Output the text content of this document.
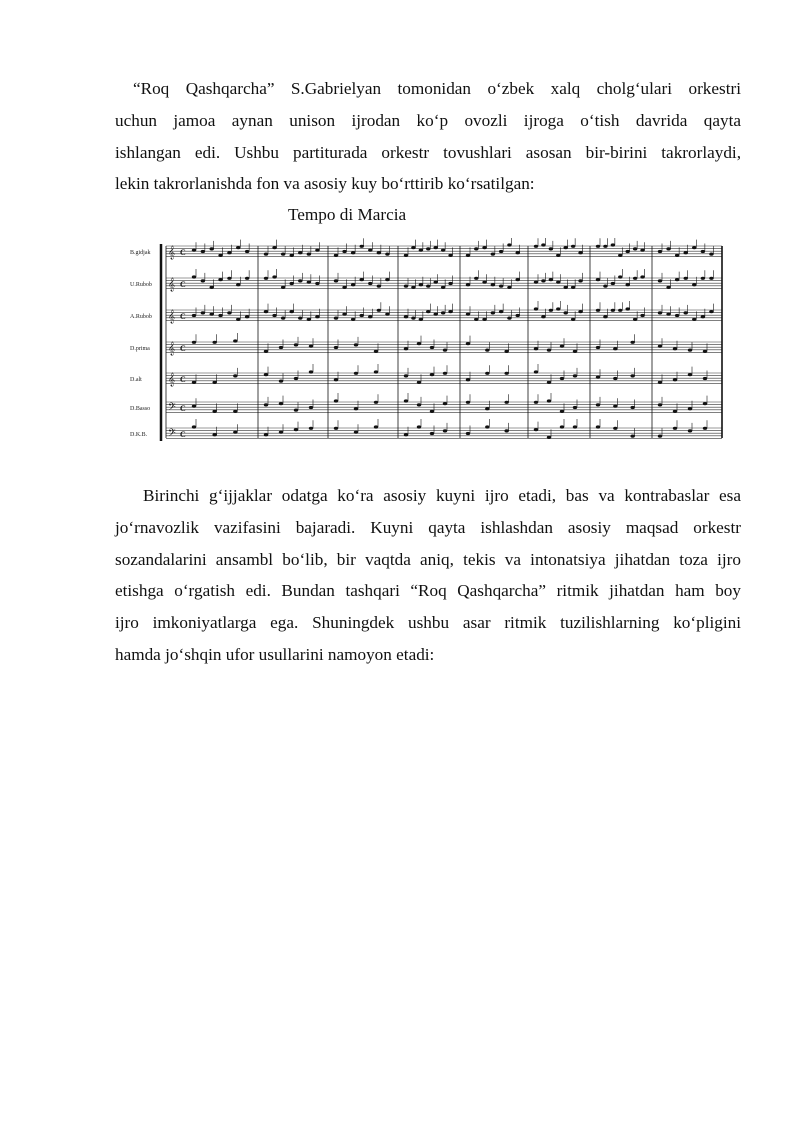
“Roq Qashqarcha” S.Gabrielyan tomonidan o‘zbek xalq cholg‘ulari orkestri
uchun jamoa aynan unison ijrodan ko‘p ovozli ijroga o‘tish davrida qayta
ishlangan edi. Ushbu partiturada orkestr tovushlari asosan bir-birini takrorlaydi,
lekin takrorlanishda fon va asosiy kuy bo‘rttirib ko‘rsatilgan:
Tempo di Marcia
B.gidjak 𝄞 C
U.Rubob 𝄞 C
A.Rubob 𝄞 C
D.prima 𝄞 C
D.alt 𝄞 C
D.Basso 𝄢 C
D.K.B. 𝄢 C
Birinchi g‘ijjaklar odatga ko‘ra asosiy kuyni ijro etadi, bas va kontrabaslar esa
jo‘rnavozlik vazifasini bajaradi. Kuyni qayta ishlashdan asosiy maqsad orkestr
sozandalarini ansambl bo‘lib, bir vaqtda aniq, tekis va intonatsiya jihatdan toza ijro
etishga o‘rgatish edi. Bundan tashqari “Roq Qashqarcha” ritmik jihatdan ham boy
ijro imkoniyatlarga ega. Shuningdek ushbu asar ritmik tuzilishlarning ko‘pligini
hamda jo‘shqin ufor usullarini namoyon etadi:
